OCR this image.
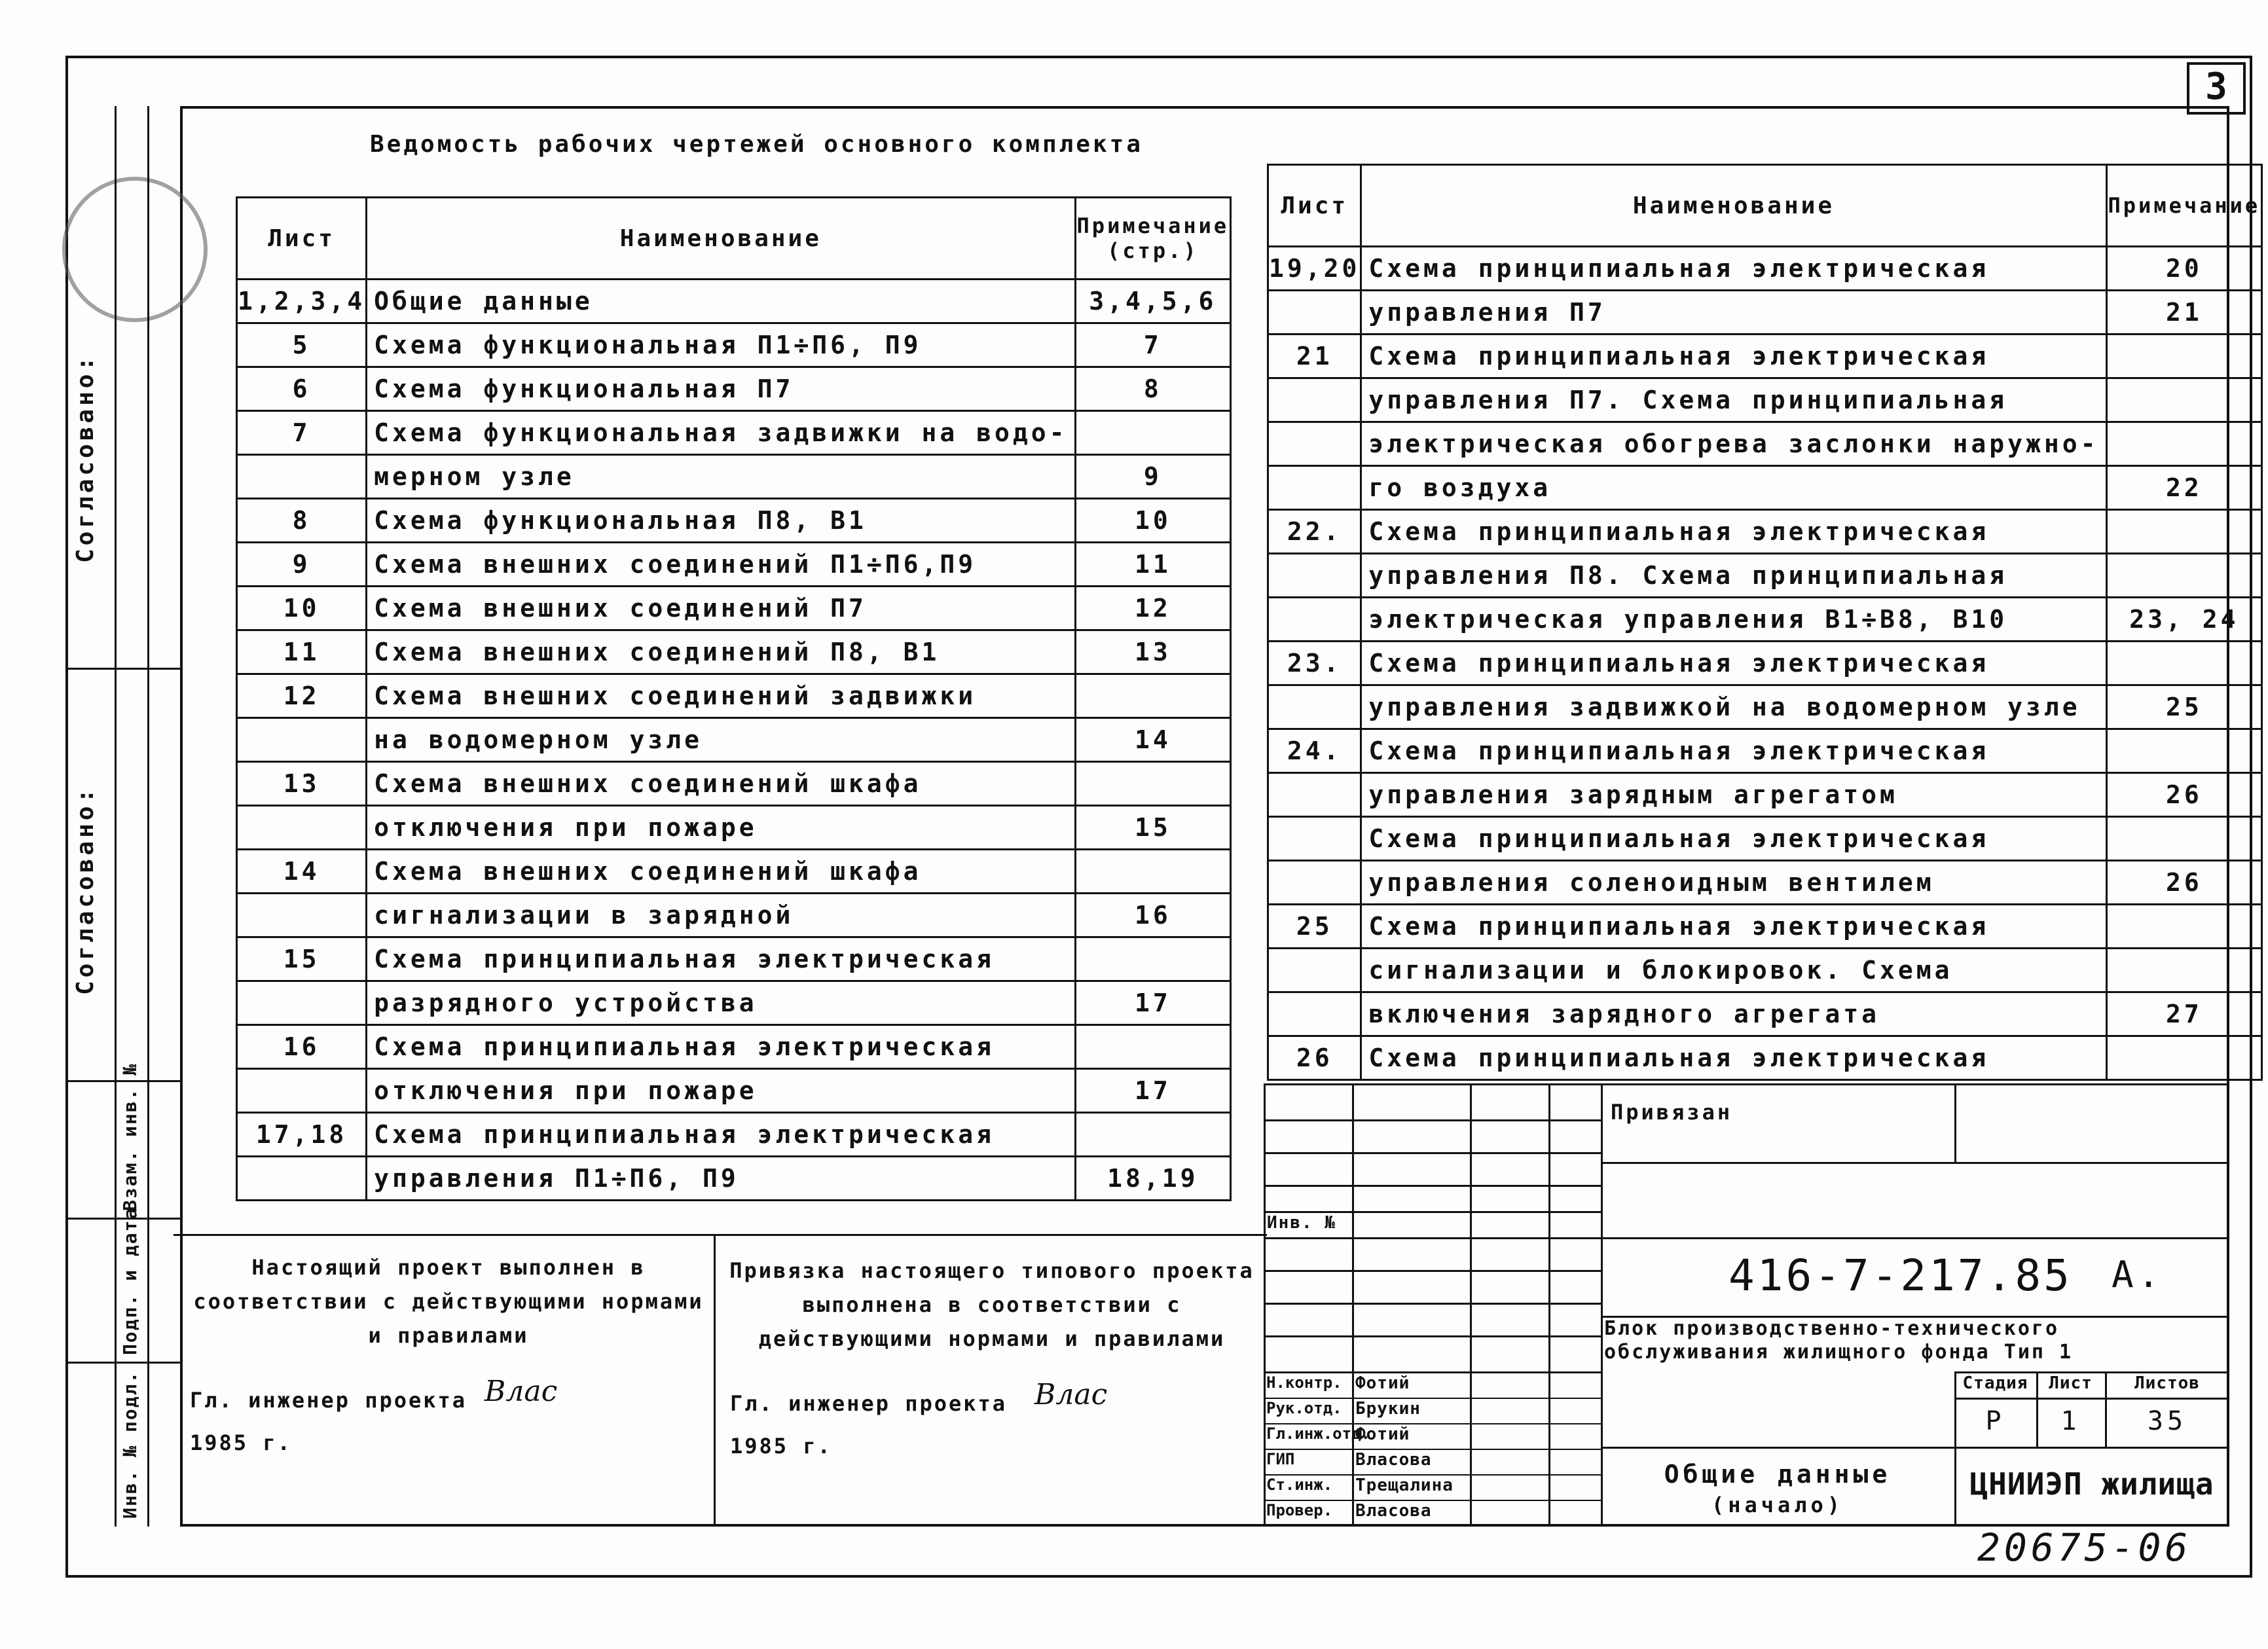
3
Согласовано:
Согласовано:
Взам. инв. №
Подп. и дата
Инв. № подл.
Ведомость рабочих чертежей основного комплекта
Лист	Наименование	Примечание (стр.)
1,2,3,4	Общие данные	3,4,5,6
5	Схема функциональная П1÷П6, П9	7
6	Схема функциональная П7	8
7	Схема функциональная задвижки на водо-	
	мерном узле	9
8	Схема функциональная П8, В1	10
9	Схема внешних соединений П1÷П6,П9	11
10	Схема внешних соединений П7	12
11	Схема внешних соединений П8, В1	13
12	Схема внешних соединений задвижки	
	на водомерном узле	14
13	Схема внешних соединений шкафа	
	отключения при пожаре	15
14	Схема внешних соединений шкафа	
	сигнализации в зарядной	16
15	Схема принципиальная электрическая	
	разрядного устройства	17
16	Схема принципиальная электрическая	
	отключения при пожаре	17
17,18	Схема принципиальная электрическая	
	управления П1÷П6, П9	18,19
Лист	Наименование	Примечание
19,20	Схема принципиальная электрическая	20
	управления П7	21
21	Схема принципиальная электрическая	
	управления П7. Схема принципиальная	
	электрическая обогрева заслонки наружно-	
	го воздуха	22
22.	Схема принципиальная электрическая	
	управления П8. Схема принципиальная	
	электрическая управления В1÷В8, В10	23, 24
23.	Схема принципиальная электрическая	
	управления задвижкой на водомерном узле	25
24.	Схема принципиальная электрическая	
	управления зарядным агрегатом	26
	Схема принципиальная электрическая	
	управления соленоидным вентилем	26
25	Схема принципиальная электрическая	
	сигнализации и блокировок. Схема	
	включения зарядного агрегата	27
26	Схема принципиальная электрическая	
Настоящий проект выполнен в соответствии с действующими нормами и правилами
Привязка настоящего типового проекта выполнена в соответствии с действующими нормами и правилами
Гл. инженер проекта Влас
1985 г.
Гл. инженер проекта Влас
1985 г.
Инв. №
Привязан
416-7-217.85 А.
Блок производственно-технического обслуживания жилищного фонда Тип 1
Стадия	Лист	Листов
Р	1	35
Общие данные
(начало)
ЦНИИЭП жилища
Н.контр. Фотий
Рук.отд. Брукин
Гл.инж.отд.
Фотий
ГИП	Власова
Ст.инж. Трещалина
Провер. Власова
20675-06
